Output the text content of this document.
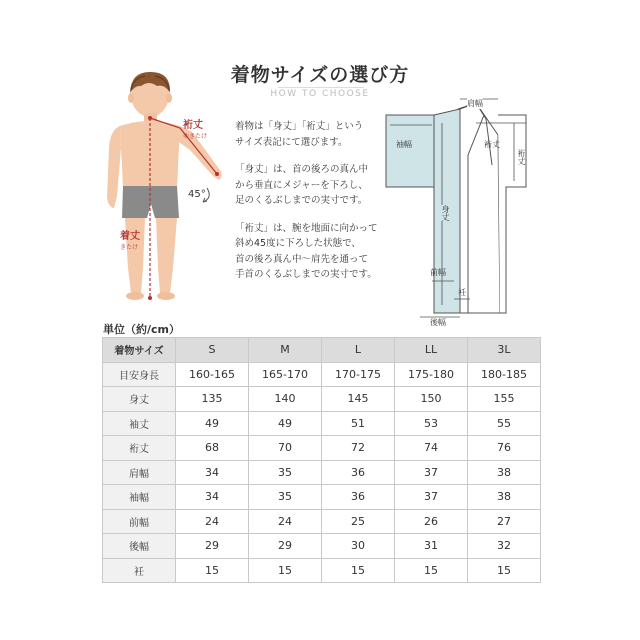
着物サイズの選び方
HOW TO CHOOSE
裄丈
ゆきたけ
着丈
きたけ
45°

着物は「身丈」「裄丈」という
サイズ表記にて選びます。

「身丈」は、首の後ろの真ん中
から垂直にメジャーを下ろし、
足のくるぶしまでの実寸です。

「裄丈」は、腕を地面に向かって
斜め45度に下ろした状態で、
首の後ろ真ん中～肩先を通って
手首のくるぶしまでの実寸です。

肩幅
袖幅	裄丈
裄丈
身丈
前幅
衽
後幅
単位（約/cm）
着物サイズ	S	M	L	LL	3L
目安身長	160-165	165-170	170-175	175-180	180-185
身丈	135	140	145	150	155
袖丈	49	49	51	53	55
裄丈	68	70	72	74	76
肩幅	34	35	36	37	38
袖幅	34	35	36	37	38
前幅	24	24	25	26	27
後幅	29	29	30	31	32
衽	15	15	15	15	15
